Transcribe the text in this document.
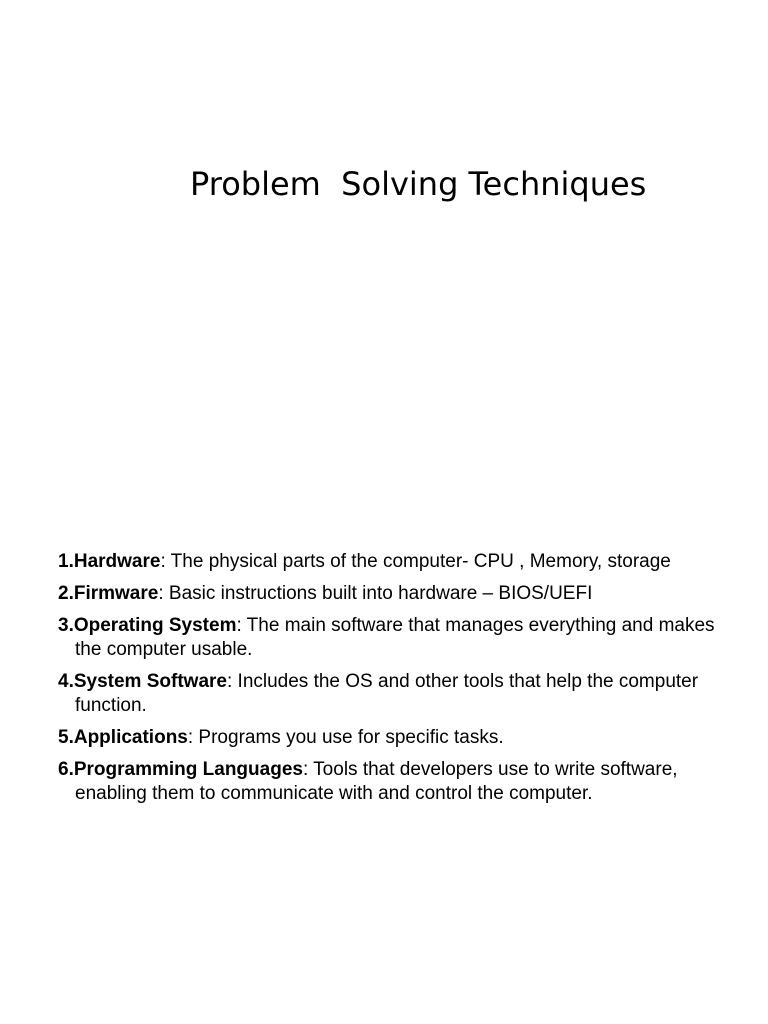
Problem  Solving Techniques
1.Hardware: The physical parts of the computer- CPU , Memory, storage
2.Firmware: Basic instructions built into hardware – BIOS/UEFI
3.Operating System: The main software that manages everything and makes the computer usable.
4.System Software: Includes the OS and other tools that help the computer function.
5.Applications: Programs you use for specific tasks.
6.Programming Languages: Tools that developers use to write software, enabling them to communicate with and control the computer.
